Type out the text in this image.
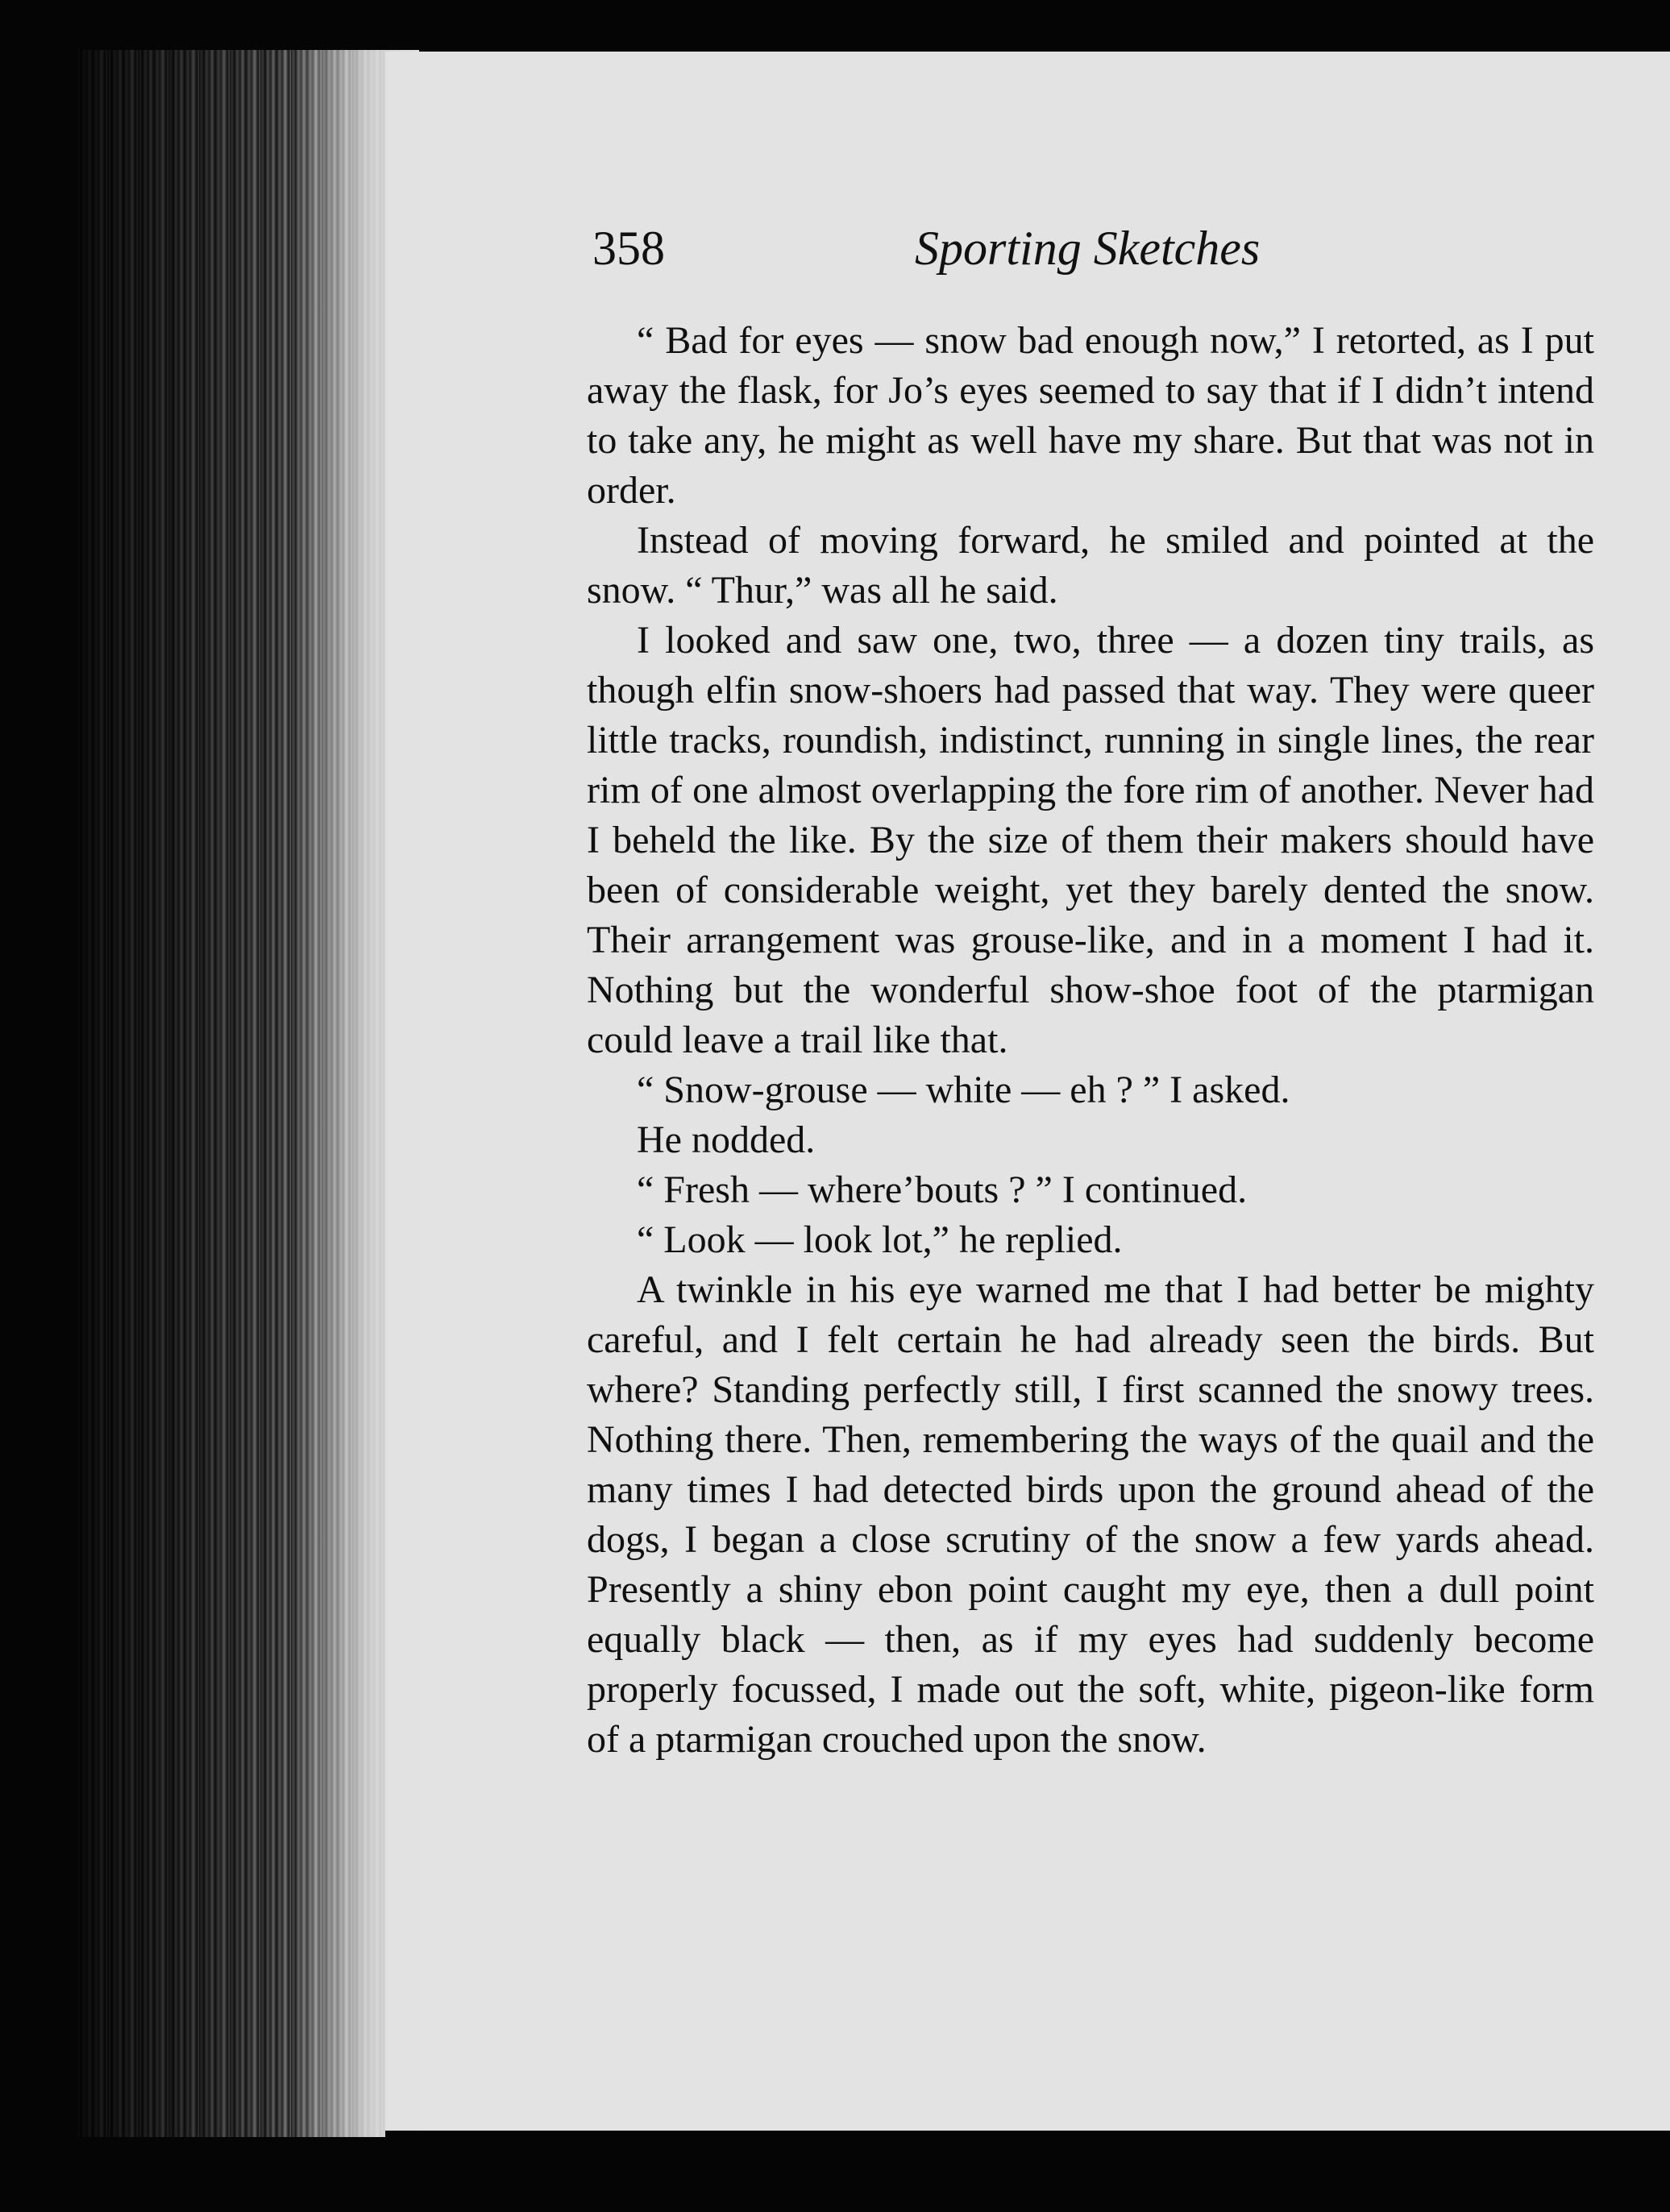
358	Sporting Sketches

“ Bad for eyes — snow bad enough now,” I retorted, as I put away the flask, for Jo’s eyes seemed to say that if I didn’t intend to take any, he might as well have my share. But that was not in order.

Instead of moving forward, he smiled and pointed at the snow. “ Thur,” was all he said.

I looked and saw one, two, three — a dozen tiny trails, as though elfin snow-shoers had passed that way. They were queer little tracks, roundish, indistinct, running in single lines, the rear rim of one almost overlapping the fore rim of another. Never had I beheld the like. By the size of them their makers should have been of considerable weight, yet they barely dented the snow. Their arrangement was grouse-like, and in a moment I had it. Nothing but the wonderful show-shoe foot of the ptarmigan could leave a trail like that.

“ Snow-grouse — white — eh ? ” I asked.

He nodded.

“ Fresh — where’bouts ? ” I continued.

“ Look — look lot,” he replied.

A twinkle in his eye warned me that I had better be mighty careful, and I felt certain he had already seen the birds. But where? Standing perfectly still, I first scanned the snowy trees. Nothing there. Then, remembering the ways of the quail and the many times I had detected birds upon the ground ahead of the dogs, I began a close scrutiny of the snow a few yards ahead. Presently a shiny ebon point caught my eye, then a dull point equally black — then, as if my eyes had suddenly become properly focussed, I made out the soft, white, pigeon-like form of a ptarmigan crouched upon the snow.
